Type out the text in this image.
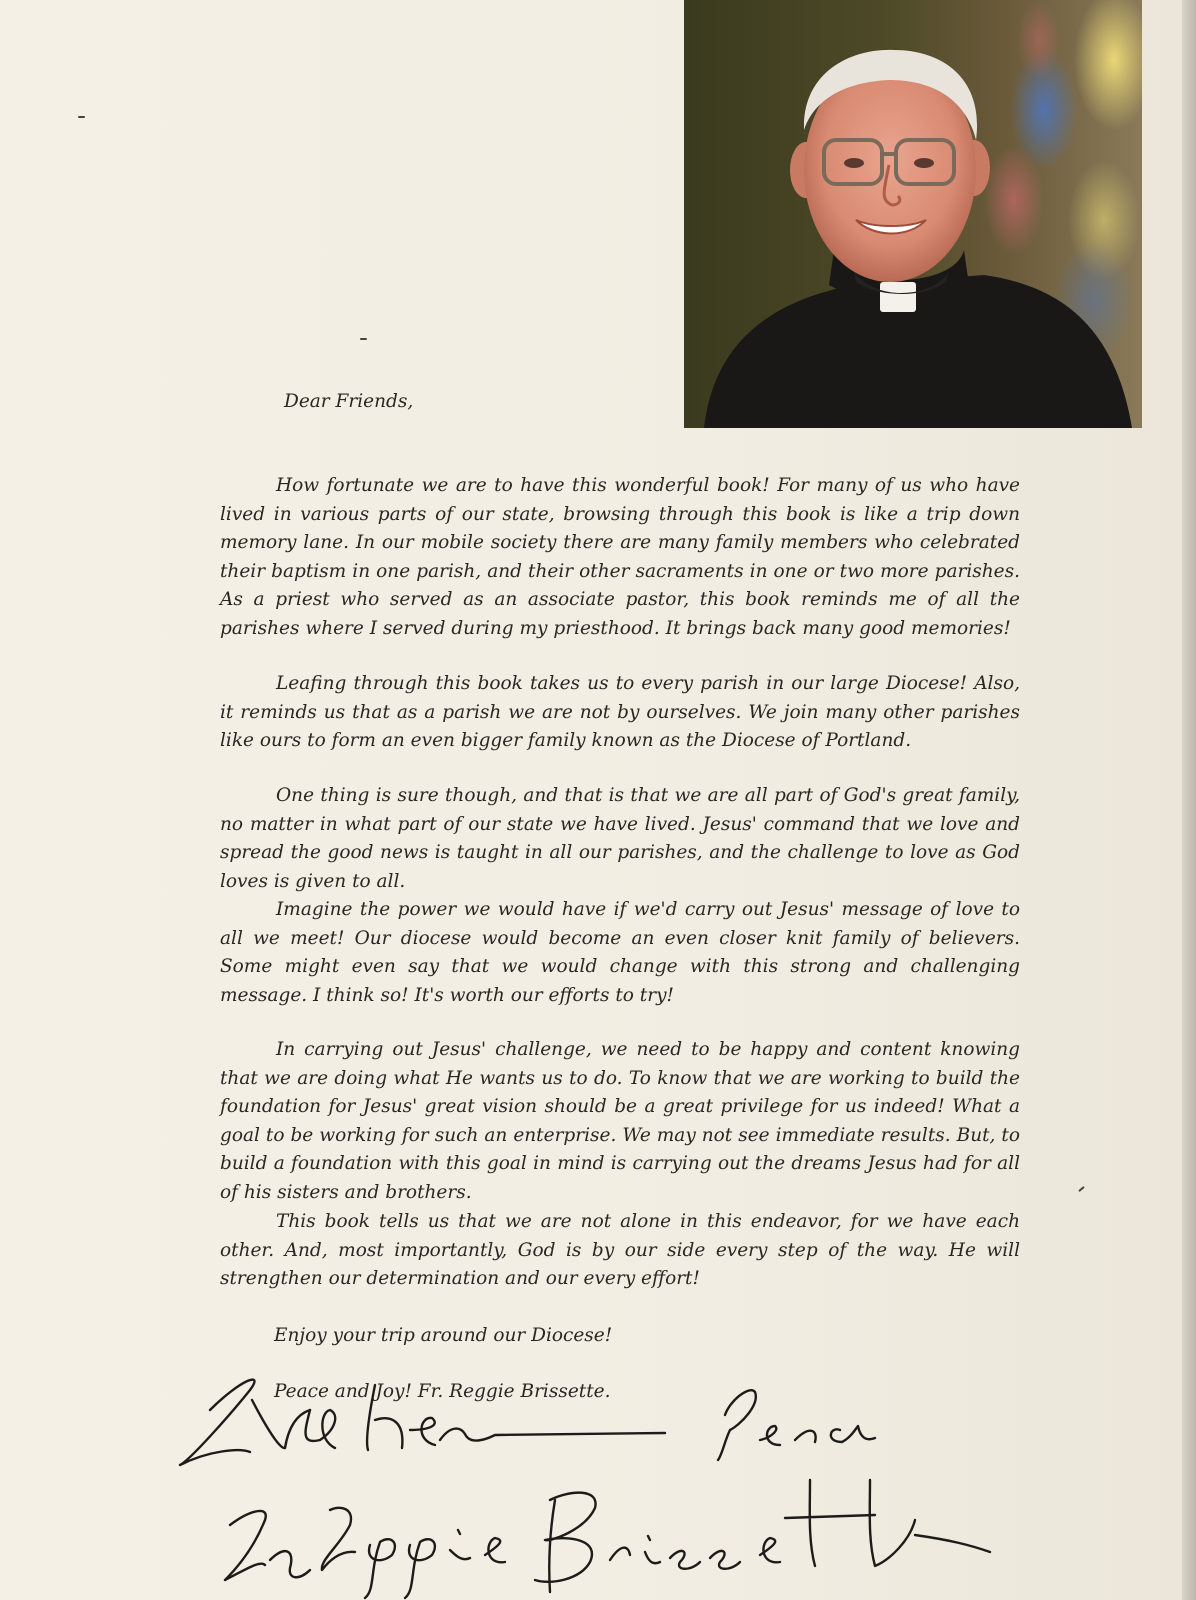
Dear Friends,

How fortunate we are to have this wonderful book! For many of us who have lived in various parts of our state, browsing through this book is like a trip down memory lane. In our mobile society there are many family members who celebrated their baptism in one parish, and their other sacraments in one or two more parishes. As a priest who served as an associate pastor, this book reminds me of all the parishes where I served during my priesthood. It brings back many good memories!

Leafing through this book takes us to every parish in our large Diocese! Also, it reminds us that as a parish we are not by ourselves. We join many other parishes like ours to form an even bigger family known as the Diocese of Portland.

One thing is sure though, and that is that we are all part of God's great family, no matter in what part of our state we have lived. Jesus' command that we love and spread the good news is taught in all our parishes, and the challenge to love as God loves is given to all.

Imagine the power we would have if we'd carry out Jesus' message of love to all we meet! Our diocese would become an even closer knit family of believers. Some might even say that we would change with this strong and challenging message. I think so! It's worth our efforts to try!

In carrying out Jesus' challenge, we need to be happy and content knowing that we are doing what He wants us to do. To know that we are working to build the foundation for Jesus' great vision should be a great privilege for us indeed! What a goal to be working for such an enterprise. We may not see immediate results. But, to build a foundation with this goal in mind is carrying out the dreams Jesus had for all of his sisters and brothers.

This book tells us that we are not alone in this endeavor, for we have each other. And, most importantly, God is by our side every step of the way. He will strengthen our determination and our every effort!

Enjoy your trip around our Diocese!

Peace and Joy! Fr. Reggie Brissette.
